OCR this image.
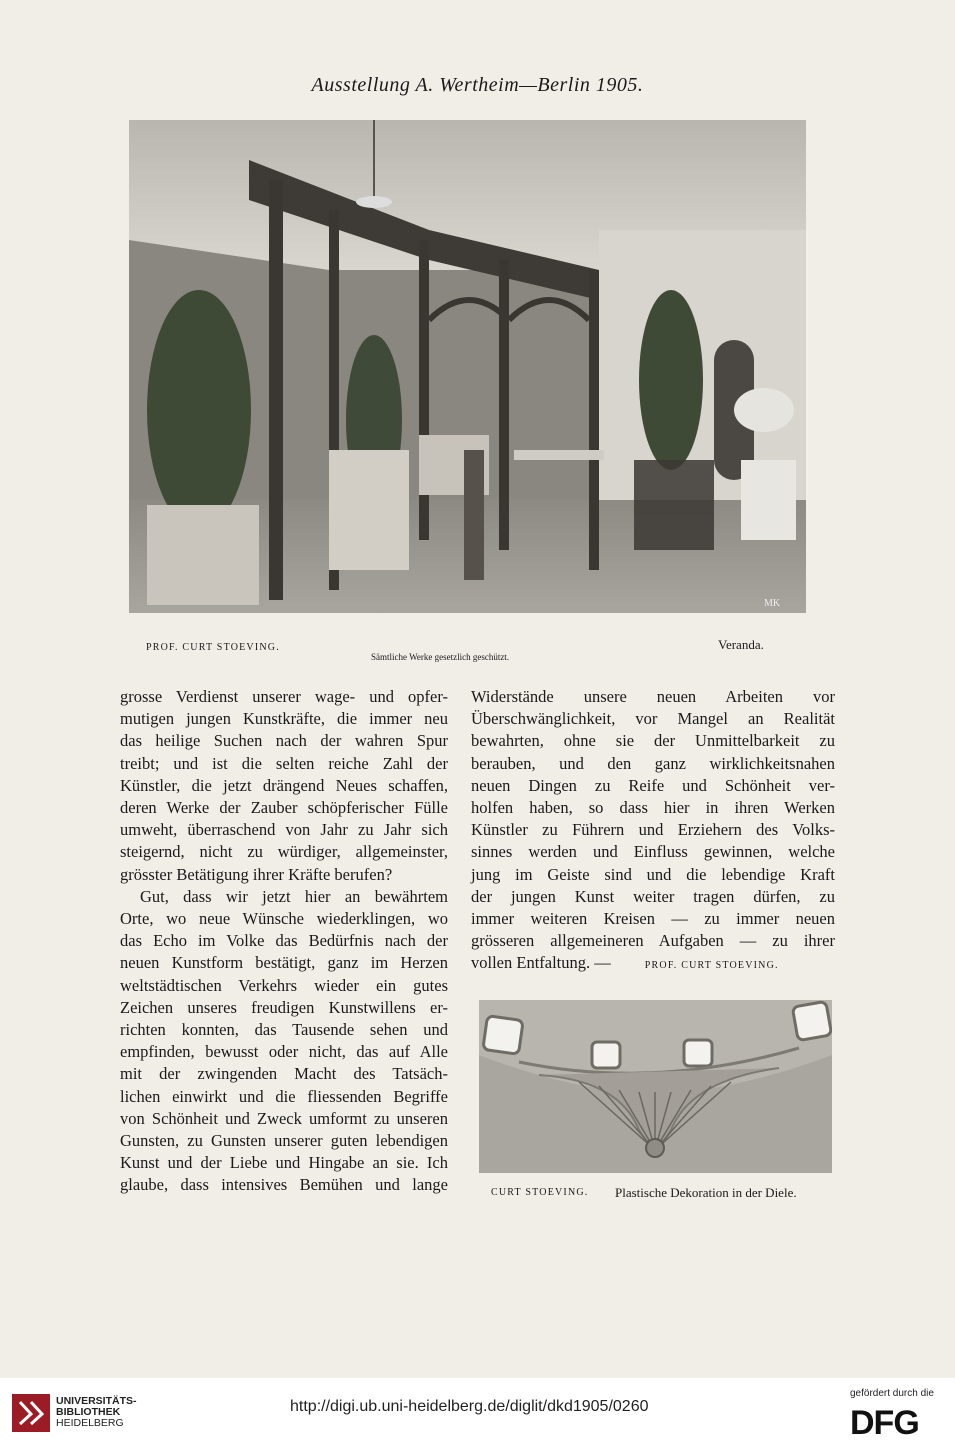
Ausstellung A. Wertheim—Berlin 1905.
MK
PROF. CURT STOEVING.	Veranda.
Sämtliche Werke gesetzlich geschützt.
grosse Verdienst unserer wage- und opfer-
mutigen jungen Kunstkräfte, die immer neu
das heilige Suchen nach der wahren Spur
treibt; und ist die selten reiche Zahl der
Künstler, die jetzt drängend Neues schaffen,
deren Werke der Zauber schöpferischer Fülle
umweht, überraschend von Jahr zu Jahr sich
steigernd, nicht zu würdiger, allgemeinster,
grösster Betätigung ihrer Kräfte berufen?
Gut, dass wir jetzt hier an bewährtem
Orte, wo neue Wünsche wiederklingen, wo
das Echo im Volke das Bedürfnis nach der
neuen Kunstform bestätigt, ganz im Herzen
weltstädtischen Verkehrs wieder ein gutes
Zeichen unseres freudigen Kunstwillens er-
richten konnten, das Tausende sehen und
empfinden, bewusst oder nicht, das auf Alle
mit der zwingenden Macht des Tatsäch-
lichen einwirkt und die fliessenden Begriffe
von Schönheit und Zweck umformt zu unseren
Gunsten, zu Gunsten unserer guten lebendigen
Kunst und der Liebe und Hingabe an sie. Ich
glaube, dass intensives Bemühen und lange
Widerstände unsere neuen Arbeiten vor
Überschwänglichkeit, vor Mangel an Realität
bewahrten, ohne sie der Unmittelbarkeit zu
berauben, und den ganz wirklichkeitsnahen
neuen Dingen zu Reife und Schönheit ver-
holfen haben, so dass hier in ihren Werken
Künstler zu Führern und Erziehern des Volks-
sinnes werden und Einfluss gewinnen, welche
jung im Geiste sind und die lebendige Kraft
der jungen Kunst weiter tragen dürfen, zu
immer weiteren Kreisen — zu immer neuen
grösseren allgemeineren Aufgaben — zu ihrer
vollen Entfaltung. —	PROF. CURT STOEVING.
CURT STOEVING. Plastische Dekoration in der Diele.
UNIVERSITÄTS-
BIBLIOTHEK
HEIDELBERG
http://digi.ub.uni-heidelberg.de/diglit/dkd1905/0260
gefördert durch die
DFG
